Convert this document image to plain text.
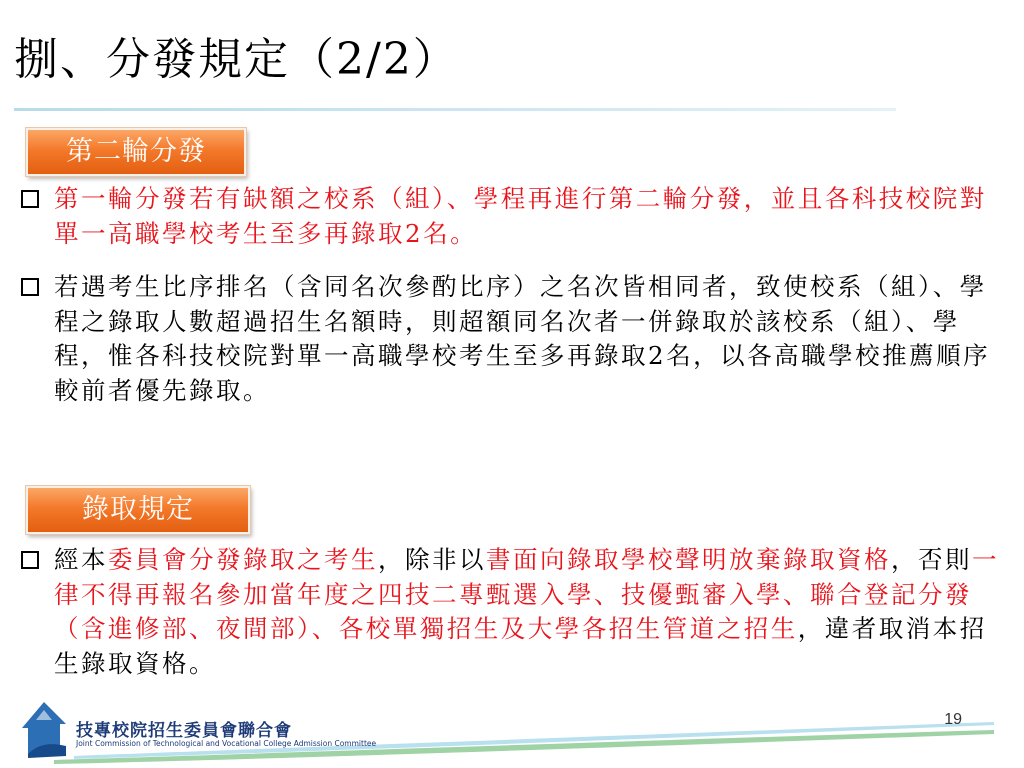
捌、分發規定（2/2）
第二輪分發
第一輪分發若有缺額之校系（組）、學程再進行第二輪分發，並且各科技校院對單一高職學校考生至多再錄取2名。
若遇考生比序排名（含同名次參酌比序）之名次皆相同者，致使校系（組）、學程之錄取人數超過招生名額時，則超額同名次者一併錄取於該校系（組）、學程，惟各科技校院對單一高職學校考生至多再錄取2名，以各高職學校推薦順序較前者優先錄取。
錄取規定
經本委員會分發錄取之考生，除非以書面向錄取學校聲明放棄錄取資格，否則一律不得再報名參加當年度之四技二專甄選入學、技優甄審入學、聯合登記分發（含進修部、夜間部）、各校單獨招生及大學各招生管道之招生，違者取消本招生錄取資格。
技專校院招生委員會聯合會
Joint Commission of Technological and Vocational College Admission Committee
19
